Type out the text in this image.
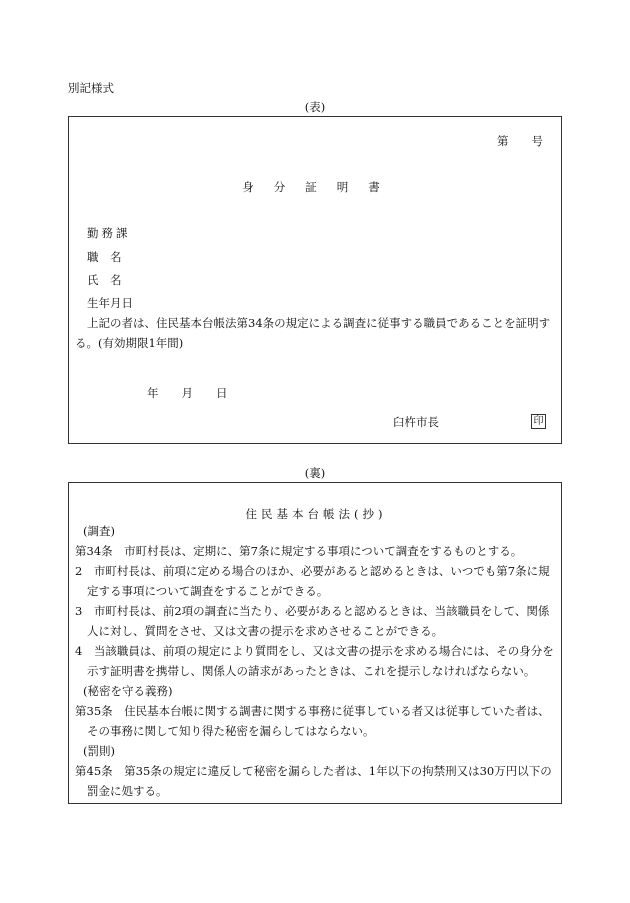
別記様式
(表)
第　　号
身分証明書
勤務課
職　名
氏　名
生年月日
上記の者は、住民基本台帳法第34条の規定による調査に従事する職員であることを証明する。(有効期限1年間)
年　　月　　日
臼杵市長	印
(裏)
住民基本台帳法(抄)
(調査)
第34条　市町村長は、定期に、第7条に規定する事項について調査をするものとする。
2　市町村長は、前項に定める場合のほか、必要があると認めるときは、いつでも第7条に規定する事項について調査をすることができる。
3　市町村長は、前2項の調査に当たり、必要があると認めるときは、当該職員をして、関係人に対し、質問をさせ、又は文書の提示を求めさせることができる。
4　当該職員は、前項の規定により質問をし、又は文書の提示を求める場合には、その身分を示す証明書を携帯し、関係人の請求があったときは、これを提示しなければならない。
(秘密を守る義務)
第35条　住民基本台帳に関する調書に関する事務に従事している者又は従事していた者は、その事務に関して知り得た秘密を漏らしてはならない。
(罰則)
第45条　第35条の規定に違反して秘密を漏らした者は、1年以下の拘禁刑又は30万円以下の罰金に処する。
